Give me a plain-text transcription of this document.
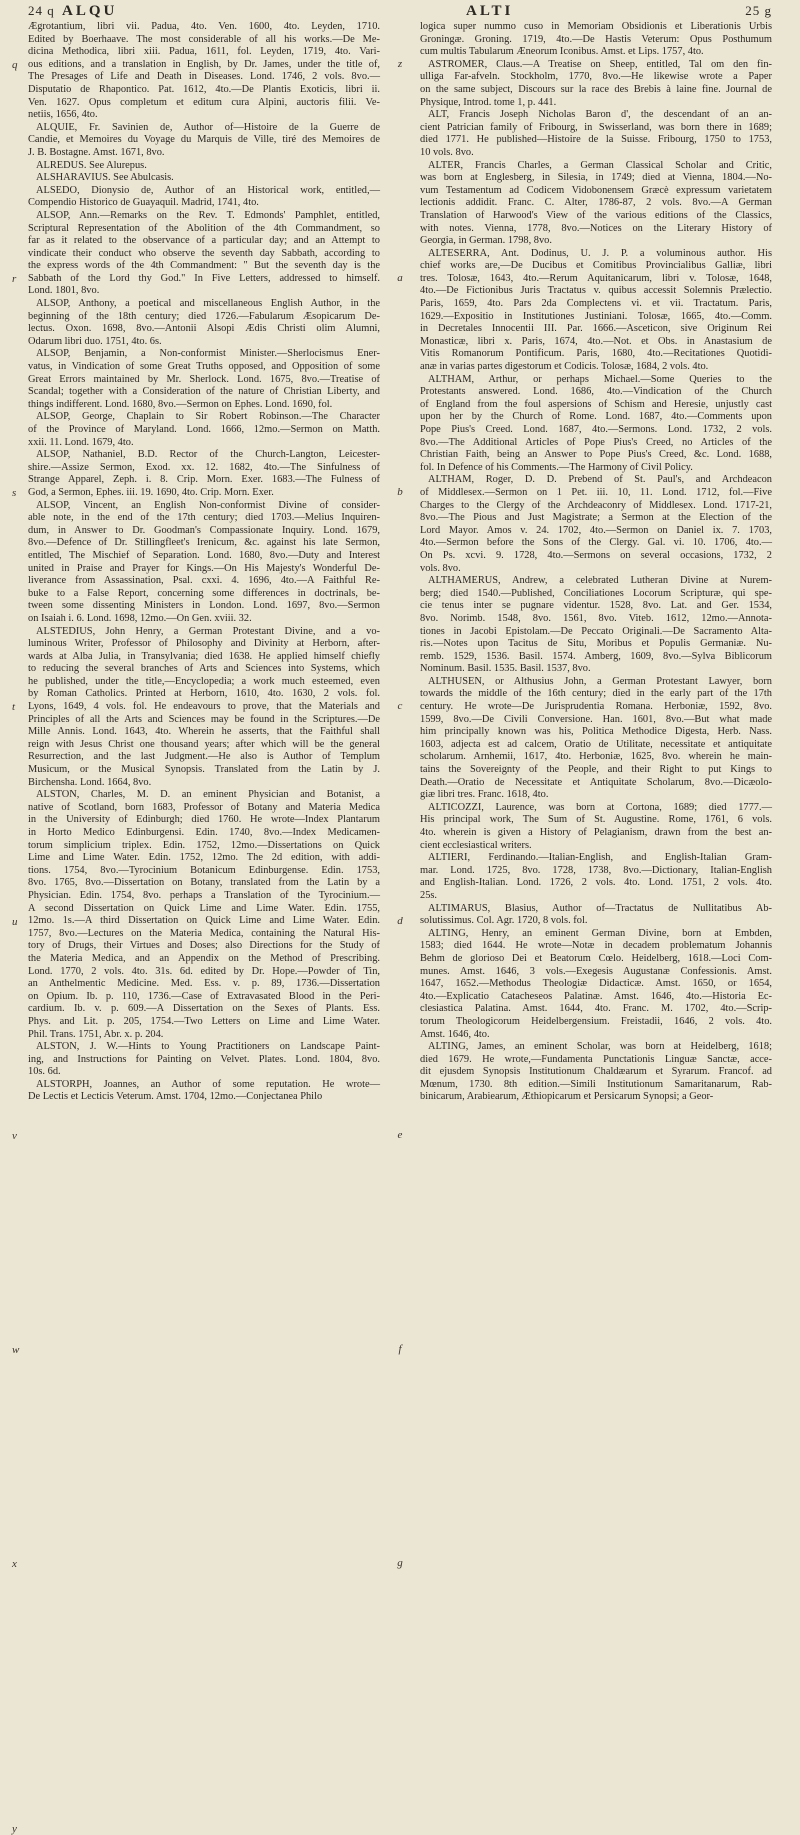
24 q ALQU	ALTI	25 g
Ægrotantium, libri vii. Padua, 4to. Ven. 1600, 4to. Leyden, 1710.
Edited by Boerhaave. The most considerable of all his works.—De Me-
dicina Methodica, libri xiii. Padua, 1611, fol. Leyden, 1719, 4to. Vari-
ous editions, and a translation in English, by Dr. James, under the title of,
The Presages of Life and Death in Diseases. Lond. 1746, 2 vols. 8vo.—
Disputatio de Rhapontico. Pat. 1612, 4to.—De Plantis Exoticis, libri ii.
Ven. 1627. Opus completum et editum cura Alpini, auctoris filii. Ve-
netiis, 1656, 4to.
ALQUIE, Fr. Savinien de, Author of—Histoire de la Guerre de
Candie, et Memoires du Voyage du Marquis de Ville, tiré des Memoires de
J. B. Bostagne. Amst. 1671, 8vo.
ALREDUS. See Alurepus.
ALSHARAVIUS. See Abulcasis.
ALSEDO, Dionysio de, Author of an Historical work, entitled,—
Compendio Historico de Guayaquil. Madrid, 1741, 4to.
ALSOP, Ann.—Remarks on the Rev. T. Edmonds' Pamphlet, entitled,
Scriptural Representation of the Abolition of the 4th Commandment, so
far as it related to the observance of a particular day; and an Attempt to
vindicate their conduct who observe the seventh day Sabbath, according to
the express words of the 4th Commandment: " But the seventh day is the
Sabbath of the Lord thy God." In Five Letters, addressed to himself.
Lond. 1801, 8vo.
ALSOP, Anthony, a poetical and miscellaneous English Author, in the
beginning of the 18th century; died 1726.—Fabularum Æsopicarum De-
lectus. Oxon. 1698, 8vo.—Antonii Alsopi Ædis Christi olim Alumni,
Odarum libri duo. 1751, 4to. 6s.
ALSOP, Benjamin, a Non-conformist Minister.—Sherlocismus Ener-
vatus, in Vindication of some Great Truths opposed, and Opposition of some
Great Errors maintained by Mr. Sherlock. Lond. 1675, 8vo.—Treatise of
Scandal; together with a Consideration of the nature of Christian Liberty, and
things indifferent. Lond. 1680, 8vo.—Sermon on Ephes. Lond. 1690, fol.
ALSOP, George, Chaplain to Sir Robert Robinson.—The Character
of the Province of Maryland. Lond. 1666, 12mo.—Sermon on Matth.
xxii. 11. Lond. 1679, 4to.
ALSOP, Nathaniel, B.D. Rector of the Church-Langton, Leicester-
shire.—Assize Sermon, Exod. xx. 12. 1682, 4to.—The Sinfulness of
Strange Apparel, Zeph. i. 8. Crip. Morn. Exer. 1683.—The Fulness of
God, a Sermon, Ephes. iii. 19. 1690, 4to. Crip. Morn. Exer.
ALSOP, Vincent, an English Non-conformist Divine of consider-
able note, in the end of the 17th century; died 1703.—Melius Inquiren-
dum, in Answer to Dr. Goodman's Compassionate Inquiry. Lond. 1679,
8vo.—Defence of Dr. Stillingfleet's Irenicum, &c. against his late Sermon,
entitled, The Mischief of Separation. Lond. 1680, 8vo.—Duty and Interest
united in Praise and Prayer for Kings.—On His Majesty's Wonderful De-
liverance from Assassination, Psal. cxxi. 4. 1696, 4to.—A Faithful Re-
buke to a False Report, concerning some differences in doctrinals, be-
tween some dissenting Ministers in London. Lond. 1697, 8vo.—Sermon
on Isaiah i. 6. Lond. 1698, 12mo.—On Gen. xviii. 32.
ALSTEDIUS, John Henry, a German Protestant Divine, and a vo-
luminous Writer, Professor of Philosophy and Divinity at Herborn, after-
wards at Alba Julia, in Transylvania; died 1638. He applied himself chiefly
to reducing the several branches of Arts and Sciences into Systems, which
he published, under the title,—Encyclopedia; a work much esteemed, even
by Roman Catholics. Printed at Herborn, 1610, 4to. 1630, 2 vols. fol.
Lyons, 1649, 4 vols. fol. He endeavours to prove, that the Materials and
Principles of all the Arts and Sciences may be found in the Scriptures.—De
Mille Annis. Lond. 1643, 4to. Wherein he asserts, that the Faithful shall
reign with Jesus Christ one thousand years; after which will be the general
Resurrection, and the last Judgment.—He also is Author of Templum
Musicum, or the Musical Synopsis. Translated from the Latin by J.
Birchensha. Lond. 1664, 8vo.
ALSTON, Charles, M. D. an eminent Physician and Botanist, a
native of Scotland, born 1683, Professor of Botany and Materia Medica
in the University of Edinburgh; died 1760. He wrote—Index Plantarum
in Horto Medico Edinburgensi. Edin. 1740, 8vo.—Index Medicamen-
torum simplicium triplex. Edin. 1752, 12mo.—Dissertations on Quick
Lime and Lime Water. Edin. 1752, 12mo. The 2d edition, with addi-
tions. 1754, 8vo.—Tyrocinium Botanicum Edinburgense. Edin. 1753,
8vo. 1765, 8vo.—Dissertation on Botany, translated from the Latin by a
Physician. Edin. 1754, 8vo. perhaps a Translation of the Tyrocinium.—
A second Dissertation on Quick Lime and Lime Water. Edin. 1755,
12mo. 1s.—A third Dissertation on Quick Lime and Lime Water. Edin.
1757, 8vo.—Lectures on the Materia Medica, containing the Natural His-
tory of Drugs, their Virtues and Doses; also Directions for the Study of
the Materia Medica, and an Appendix on the Method of Prescribing.
Lond. 1770, 2 vols. 4to. 31s. 6d. edited by Dr. Hope.—Powder of Tin,
an Anthelmentic Medicine. Med. Ess. v. p. 89, 1736.—Dissertation
on Opium. Ib. p. 110, 1736.—Case of Extravasated Blood in the Peri-
cardium. Ib. v. p. 609.—A Dissertation on the Sexes of Plants. Ess.
Phys. and Lit. p. 205, 1754.—Two Letters on Lime and Lime Water.
Phil. Trans. 1751, Abr. x. p. 204.
ALSTON, J. W.—Hints to Young Practitioners on Landscape Paint-
ing, and Instructions for Painting on Velvet. Plates. Lond. 1804, 8vo.
10s. 6d.
ALSTORPH, Joannes, an Author of some reputation. He wrote—
De Lectis et Lecticis Veterum. Amst. 1704, 12mo.—Conjectanea Philo
z
a
b
c
d
e
f
g
logica super nummo cuso in Memoriam Obsidionis et Liberationis Urbis
Groningæ. Groning. 1719, 4to.—De Hastis Veterum: Opus Posthumum
cum multis Tabularum Æneorum Iconibus. Amst. et Lips. 1757, 4to.
ASTROMER, Claus.—A Treatise on Sheep, entitled, Tal om den fin-
ulliga Far-afveln. Stockholm, 1770, 8vo.—He likewise wrote a Paper
on the same subject, Discours sur la race des Brebis à laine fine. Journal de
Physique, Introd. tome 1, p. 441.
ALT, Francis Joseph Nicholas Baron d', the descendant of an an-
cient Patrician family of Fribourg, in Swisserland, was born there in 1689;
died 1771. He published—Histoire de la Suisse. Fribourg, 1750 to 1753,
10 vols. 8vo.
ALTER, Francis Charles, a German Classical Scholar and Critic,
was born at Englesberg, in Silesia, in 1749; died at Vienna, 1804.—No-
vum Testamentum ad Codicem Vidobonensem Græcè expressum varietatem
lectionis addidit. Franc. C. Alter, 1786-87, 2 vols. 8vo.—A German
Translation of Harwood's View of the various editions of the Classics,
with notes. Vienna, 1778, 8vo.—Notices on the Literary History of
Georgia, in German. 1798, 8vo.
ALTESERRA, Ant. Dodinus, U. J. P. a voluminous author. His
chief works are,—De Ducibus et Comitibus Provincialibus Galliæ, libri
tres. Tolosæ, 1643, 4to.—Rerum Aquitanicarum, libri v. Tolosæ, 1648,
4to.—De Fictionibus Juris Tractatus v. quibus accessit Solemnis Prælectio.
Paris, 1659, 4to. Pars 2da Complectens vi. et vii. Tractatum. Paris,
1629.—Expositio in Institutiones Justiniani. Tolosæ, 1665, 4to.—Comm.
in Decretales Innocentii III. Par. 1666.—Asceticon, sive Originum Rei
Monasticæ, libri x. Paris, 1674, 4to.—Not. et Obs. in Anastasium de
Vitis Romanorum Pontificum. Paris, 1680, 4to.—Recitationes Quotidi-
anæ in varias partes digestorum et Codicis. Tolosæ, 1684, 2 vols. 4to.
ALTHAM, Arthur, or perhaps Michael.—Some Queries to the
Protestants answered. Lond. 1686, 4to.—Vindication of the Church
of England from the foul aspersions of Schism and Heresie, unjustly cast
upon her by the Church of Rome. Lond. 1687, 4to.—Comments upon
Pope Pius's Creed. Lond. 1687, 4to.—Sermons. Lond. 1732, 2 vols.
8vo.—The Additional Articles of Pope Pius's Creed, no Articles of the
Christian Faith, being an Answer to Pope Pius's Creed, &c. Lond. 1688,
fol. In Defence of his Comments.—The Harmony of Civil Policy.
ALTHAM, Roger, D. D. Prebend of St. Paul's, and Archdeacon
of Middlesex.—Sermon on 1 Pet. iii. 10, 11. Lond. 1712, fol.—Five
Charges to the Clergy of the Archdeaconry of Middlesex. Lond. 1717-21,
8vo.—The Pious and Just Magistrate; a Sermon at the Election of the
Lord Mayor. Amos v. 24. 1702, 4to.—Sermon on Daniel ix. 7. 1703,
4to.—Sermon before the Sons of the Clergy. Gal. vi. 10. 1706, 4to.—
On Ps. xcvi. 9. 1728, 4to.—Sermons on several occasions, 1732, 2
vols. 8vo.
ALTHAMERUS, Andrew, a celebrated Lutheran Divine at Nurem-
berg; died 1540.—Published, Conciliationes Locorum Scripturæ, qui spe-
cie tenus inter se pugnare videntur. 1528, 8vo. Lat. and Ger. 1534,
8vo. Norimb. 1548, 8vo. 1561, 8vo. Viteb. 1612, 12mo.—Annota-
tiones in Jacobi Epistolam.—De Peccato Originali.—De Sacramento Alta-
ris.—Notes upon Tacitus de Situ, Moribus et Populis Germaniæ. Nu-
remb. 1529, 1536. Basil. 1574. Amberg, 1609, 8vo.—Sylva Biblicorum
Nominum. Basil. 1535. Basil. 1537, 8vo.
ALTHUSEN, or Althusius John, a German Protestant Lawyer, born
towards the middle of the 16th century; died in the early part of the 17th
century. He wrote—De Jurisprudentia Romana. Herboniæ, 1592, 8vo.
1599, 8vo.—De Civili Conversione. Han. 1601, 8vo.—But what made
him principally known was his, Politica Methodice Digesta, Herb. Nass.
1603, adjecta est ad calcem, Oratio de Utilitate, necessitate et antiquitate
scholarum. Arnhemii, 1617, 4to. Herboniæ, 1625, 8vo. wherein he main-
tains the Sovereignty of the People, and their Right to put Kings to
Death.—Oratio de Necessitate et Antiquitate Scholarum, 8vo.—Dicæolo-
giæ libri tres. Franc. 1618, 4to.
ALTICOZZI, Laurence, was born at Cortona, 1689; died 1777.—
His principal work, The Sum of St. Augustine. Rome, 1761, 6 vols.
4to. wherein is given a History of Pelagianism, drawn from the best an-
cient ecclesiastical writers.
ALTIERI, Ferdinando.—Italian-English, and English-Italian Gram-
mar. Lond. 1725, 8vo. 1728, 1738, 8vo.—Dictionary, Italian-English
and English-Italian. Lond. 1726, 2 vols. 4to. Lond. 1751, 2 vols. 4to.
25s.
ALTIMARUS, Blasius, Author of—Tractatus de Nullitatibus Ab-
solutissimus. Col. Agr. 1720, 8 vols. fol.
ALTING, Henry, an eminent German Divine, born at Embden,
1583; died 1644. He wrote—Notæ in decadem problematum Johannis
Behm de glorioso Dei et Beatorum Cœlo. Heidelberg, 1618.—Loci Com-
munes. Amst. 1646, 3 vols.—Exegesis Augustanæ Confessionis. Amst.
1647, 1652.—Methodus Theologiæ Didacticæ. Amst. 1650, or 1654,
4to.—Explicatio Catacheseos Palatinæ. Amst. 1646, 4to.—Historia Ec-
clesiastica Palatina. Amst. 1644, 4to. Franc. M. 1702, 4to.—Scrip-
torum Theologicorum Heidelbergensium. Freistadii, 1646, 2 vols. 4to.
Amst. 1646, 4to.
ALTING, James, an eminent Scholar, was born at Heidelberg, 1618;
died 1679. He wrote,—Fundamenta Punctationis Linguæ Sanctæ, acce-
dit ejusdem Synopsis Institutionum Chaldæarum et Syrarum. Francof. ad
Mœnum, 1730. 8th edition.—Simili Institutionum Samaritanarum, Rab-
binicarum, Arabiearum, Æthiopicarum et Persicarum Synopsi; a Geor-
q
r
s
t
u
v
w
x
y
